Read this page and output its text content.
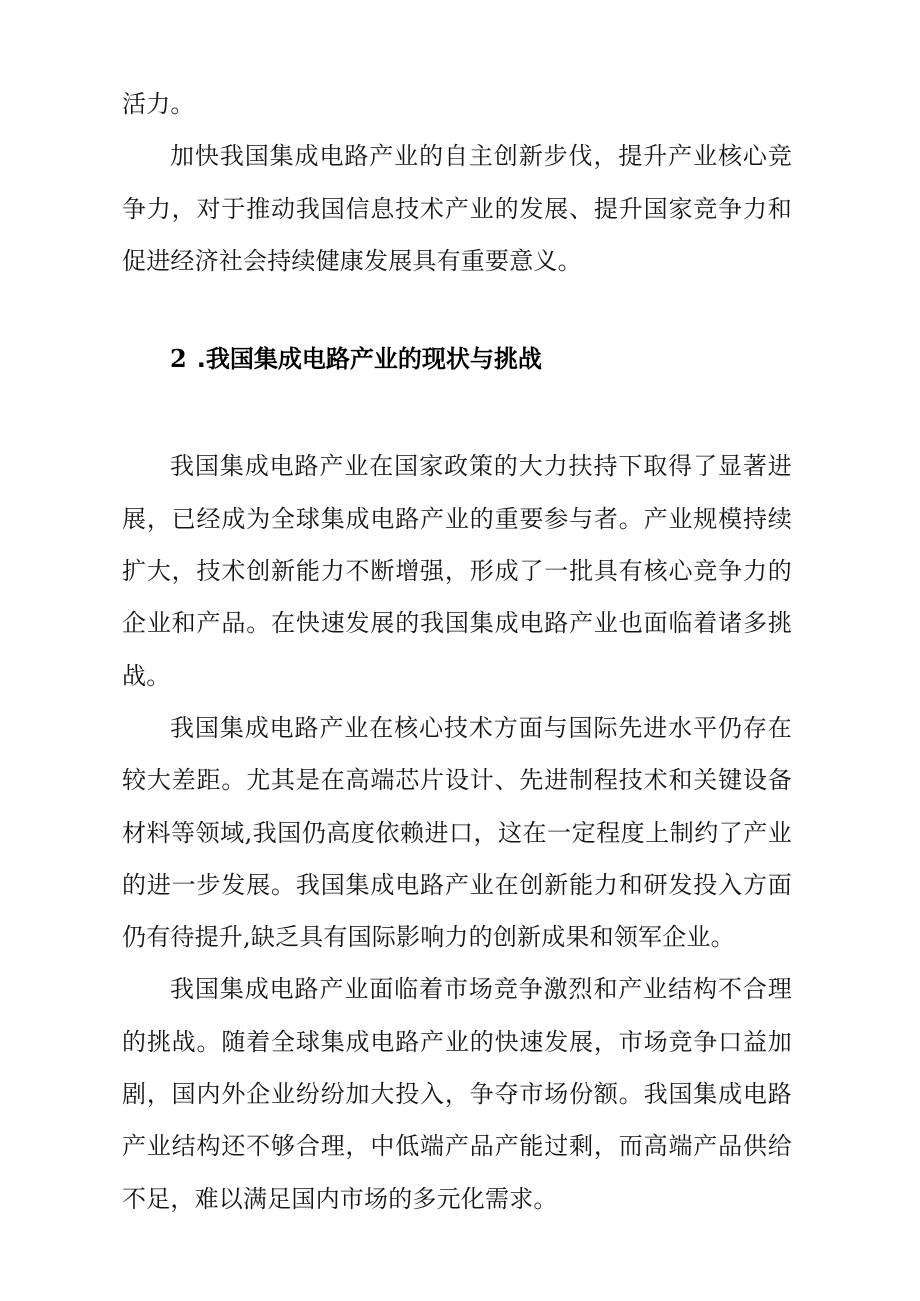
活力。

加快我国集成电路产业的自主创新步伐，提升产业核心竞争力，对于推动我国信息技术产业的发展、提升国家竞争力和促进经济社会持续健康发展具有重要意义。

2 .我国集成电路产业的现状与挑战

我国集成电路产业在国家政策的大力扶持下取得了显著进展，已经成为全球集成电路产业的重要参与者。产业规模持续扩大，技术创新能力不断增强，形成了一批具有核心竞争力的企业和产品。在快速发展的我国集成电路产业也面临着诸多挑战。

我国集成电路产业在核心技术方面与国际先进水平仍存在较大差距。尤其是在高端芯片设计、先进制程技术和关键设备材料等领域,我国仍高度依赖进口，这在一定程度上制约了产业的进一步发展。我国集成电路产业在创新能力和研发投入方面仍有待提升,缺乏具有国际影响力的创新成果和领军企业。

我国集成电路产业面临着市场竞争激烈和产业结构不合理的挑战。随着全球集成电路产业的快速发展，市场竞争口益加剧，国内外企业纷纷加大投入，争夺市场份额。我国集成电路产业结构还不够合理，中低端产品产能过剩，而高端产品供给不足，难以满足国内市场的多元化需求。
